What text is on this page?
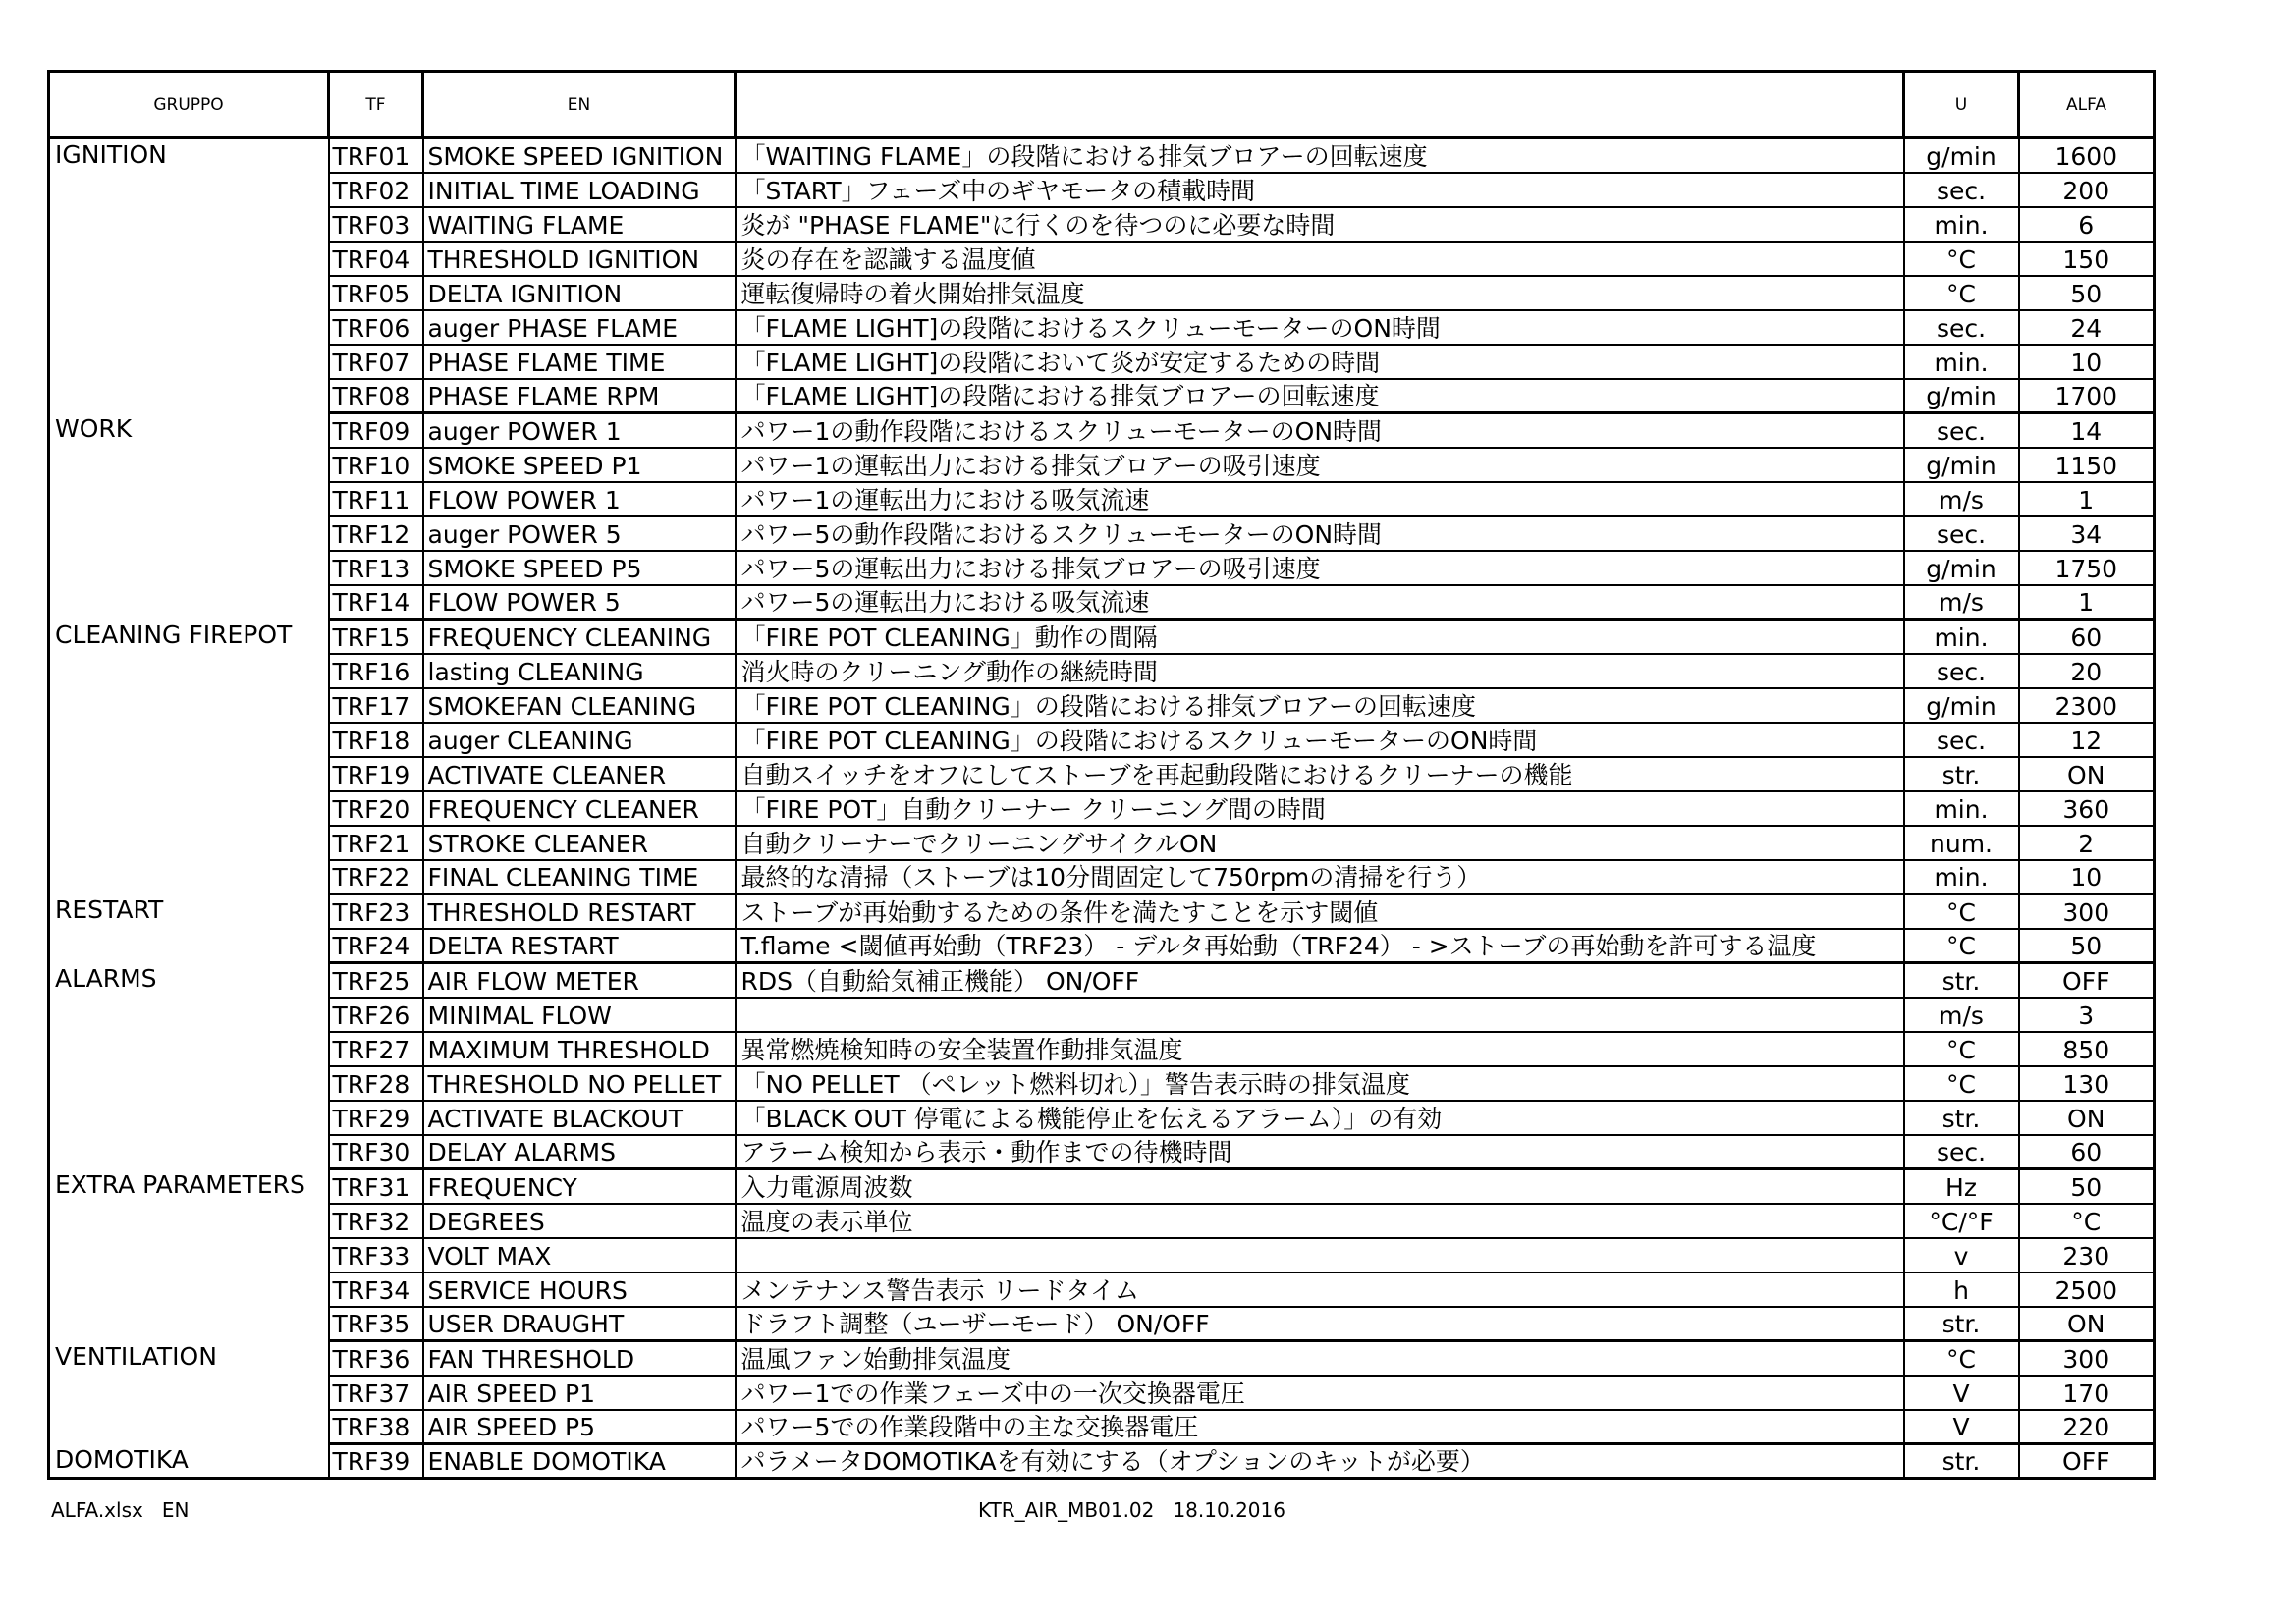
GRUPPO	TF	EN		U	ALFA
IGNITION	TRF01	SMOKE SPEED IGNITION	「WAITING FLAME」の段階における排気ブロアーの回転速度	g/min	1600
	TRF02	INITIAL TIME LOADING	「START」フェーズ中のギヤモータの積載時間	sec.	200
	TRF03	WAITING FLAME	炎が "PHASE FLAME"に行くのを待つのに必要な時間	min.	6
	TRF04	THRESHOLD IGNITION	炎の存在を認識する温度値	°C	150
	TRF05	DELTA IGNITION	運転復帰時の着火開始排気温度	°C	50
	TRF06	auger PHASE FLAME	「FLAME LIGHT]の段階におけるスクリューモーターのON時間	sec.	24
	TRF07	PHASE FLAME TIME	「FLAME LIGHT]の段階において炎が安定するための時間	min.	10
	TRF08	PHASE FLAME RPM	「FLAME LIGHT]の段階における排気ブロアーの回転速度	g/min	1700
WORK	TRF09	auger POWER 1	パワー1の動作段階におけるスクリューモーターのON時間	sec.	14
	TRF10	SMOKE SPEED P1	パワー1の運転出力における排気ブロアーの吸引速度	g/min	1150
	TRF11	FLOW POWER 1	パワー1の運転出力における吸気流速	m/s	1
	TRF12	auger POWER 5	パワー5の動作段階におけるスクリューモーターのON時間	sec.	34
	TRF13	SMOKE SPEED P5	パワー5の運転出力における排気ブロアーの吸引速度	g/min	1750
	TRF14	FLOW POWER 5	パワー5の運転出力における吸気流速	m/s	1
CLEANING FIREPOT	TRF15	FREQUENCY CLEANING	「FIRE POT CLEANING」動作の間隔	min.	60
	TRF16	lasting CLEANING	消火時のクリーニング動作の継続時間	sec.	20
	TRF17	SMOKEFAN CLEANING	「FIRE POT CLEANING」の段階における排気ブロアーの回転速度	g/min	2300
	TRF18	auger CLEANING	「FIRE POT CLEANING」の段階におけるスクリューモーターのON時間	sec.	12
	TRF19	ACTIVATE CLEANER	自動スイッチをオフにしてストーブを再起動段階におけるクリーナーの機能	str.	ON
	TRF20	FREQUENCY CLEANER	「FIRE POT」自動クリーナー クリーニング間の時間	min.	360
	TRF21	STROKE CLEANER	自動クリーナーでクリーニングサイクルON	num.	2
	TRF22	FINAL CLEANING TIME	最終的な清掃（ストーブは10分間固定して750rpmの清掃を行う）	min.	10
RESTART	TRF23	THRESHOLD RESTART	ストーブが再始動するための条件を満たすことを示す閾値	°C	300
	TRF24	DELTA RESTART	T.flame <閾値再始動（TRF23） - デルタ再始動（TRF24） - >ストーブの再始動を許可する温度	°C	50
ALARMS	TRF25	AIR FLOW METER	RDS（自動給気補正機能） ON/OFF	str.	OFF
	TRF26	MINIMAL FLOW		m/s	3
	TRF27	MAXIMUM THRESHOLD	異常燃焼検知時の安全装置作動排気温度	°C	850
	TRF28	THRESHOLD NO PELLET	「NO PELLET （ペレット燃料切れ）」警告表示時の排気温度	°C	130
	TRF29	ACTIVATE BLACKOUT	「BLACK OUT 停電による機能停止を伝えるアラーム）」の有効	str.	ON
	TRF30	DELAY ALARMS	アラーム検知から表示・動作までの待機時間	sec.	60
EXTRA PARAMETERS	TRF31	FREQUENCY	入力電源周波数	Hz	50
	TRF32	DEGREES	温度の表示単位	°C/°F	°C
	TRF33	VOLT MAX		v	230
	TRF34	SERVICE HOURS	メンテナンス警告表示 リードタイム	h	2500
	TRF35	USER DRAUGHT	ドラフト調整（ユーザーモード） ON/OFF	str.	ON
VENTILATION	TRF36	FAN THRESHOLD	温風ファン始動排気温度	°C	300
	TRF37	AIR SPEED P1	パワー1での作業フェーズ中の一次交換器電圧	V	170
	TRF38	AIR SPEED P5	パワー5での作業段階中の主な交換器電圧	V	220
DOMOTIKA	TRF39	ENABLE DOMOTIKA	パラメータDOMOTIKAを有効にする（オプションのキットが必要）	str.	OFF
ALFA.xlsx   EN	KTR_AIR_MB01.02   18.10.2016
